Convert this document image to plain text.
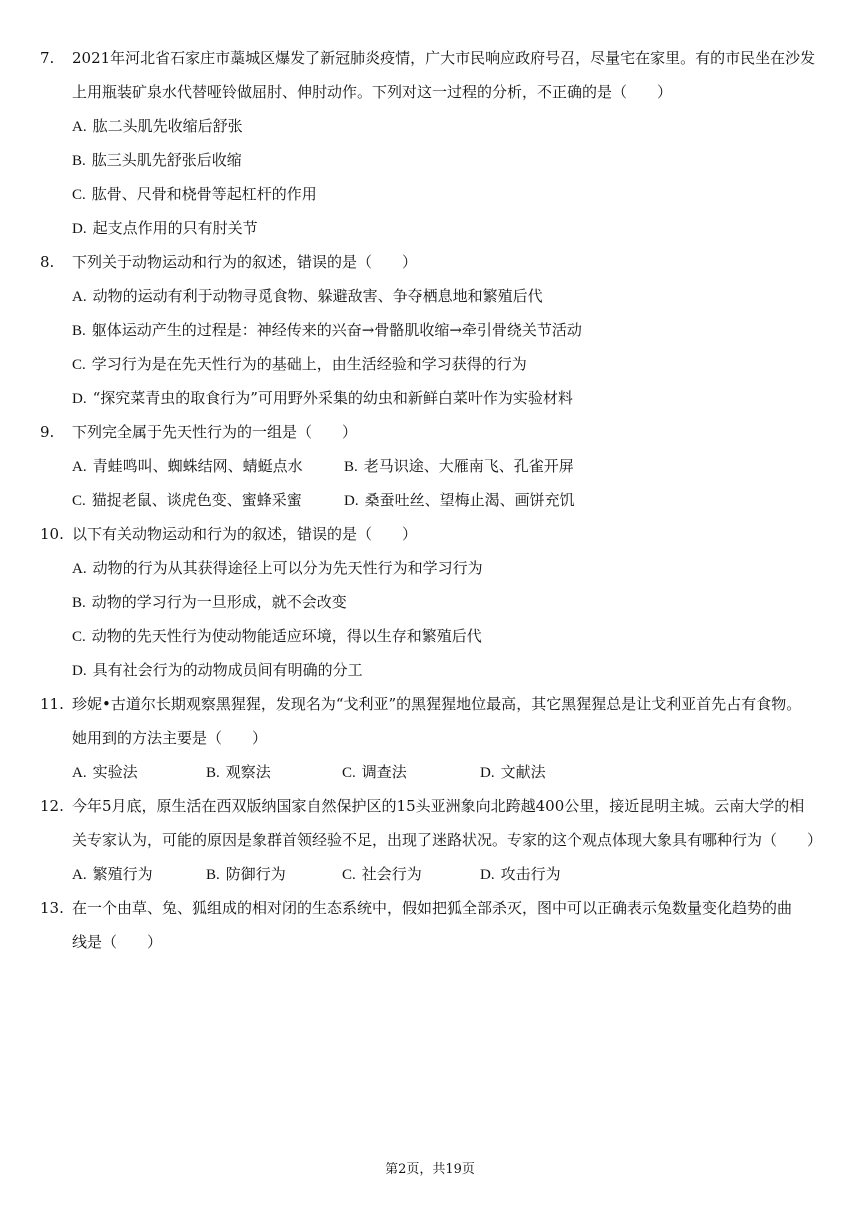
7. 2021年河北省石家庄市藁城区爆发了新冠肺炎疫情，广大市民响应政府号召，尽量宅在家里。有的市民坐在沙发
上用瓶装矿泉水代替哑铃做屈肘、伸肘动作。下列对这一过程的分析，不正确的是（　　）
A. 肱二头肌先收缩后舒张
B. 肱三头肌先舒张后收缩
C. 肱骨、尺骨和桡骨等起杠杆的作用
D. 起支点作用的只有肘关节
8. 下列关于动物运动和行为的叙述，错误的是（　　）
A. 动物的运动有利于动物寻觅食物、躲避敌害、争夺栖息地和繁殖后代
B. 躯体运动产生的过程是：神经传来的兴奋→骨骼肌收缩→牵引骨绕关节活动
C. 学习行为是在先天性行为的基础上，由生活经验和学习获得的行为
D. “探究菜青虫的取食行为”可用野外采集的幼虫和新鲜白菜叶作为实验材料
9. 下列完全属于先天性行为的一组是（　　）
A. 青蛙鸣叫、蜘蛛结网、蜻蜓点水	B. 老马识途、大雁南飞、孔雀开屏
C. 猫捉老鼠、谈虎色变、蜜蜂采蜜	D. 桑蚕吐丝、望梅止渴、画饼充饥
10. 以下有关动物运动和行为的叙述，错误的是（　　）
A. 动物的行为从其获得途径上可以分为先天性行为和学习行为
B. 动物的学习行为一旦形成，就不会改变
C. 动物的先天性行为使动物能适应环境，得以生存和繁殖后代
D. 具有社会行为的动物成员间有明确的分工
11. 珍妮•古道尔长期观察黑猩猩，发现名为“戈利亚”的黑猩猩地位最高，其它黑猩猩总是让戈利亚首先占有食物。
她用到的方法主要是（　　）
A. 实验法	B. 观察法	C. 调查法	D. 文献法
12. 今年5月底，原生活在西双版纳国家自然保护区的15头亚洲象向北跨越400公里，接近昆明主城。云南大学的相
关专家认为，可能的原因是象群首领经验不足，出现了迷路状况。专家的这个观点体现大象具有哪种行为（　　）
A. 繁殖行为	B. 防御行为	C. 社会行为	D. 攻击行为
13. 在一个由草、兔、狐组成的相对闭的生态系统中，假如把狐全部杀灭，图中可以正确表示兔数量变化趋势的曲
线是（　　）
第2页，共19页
